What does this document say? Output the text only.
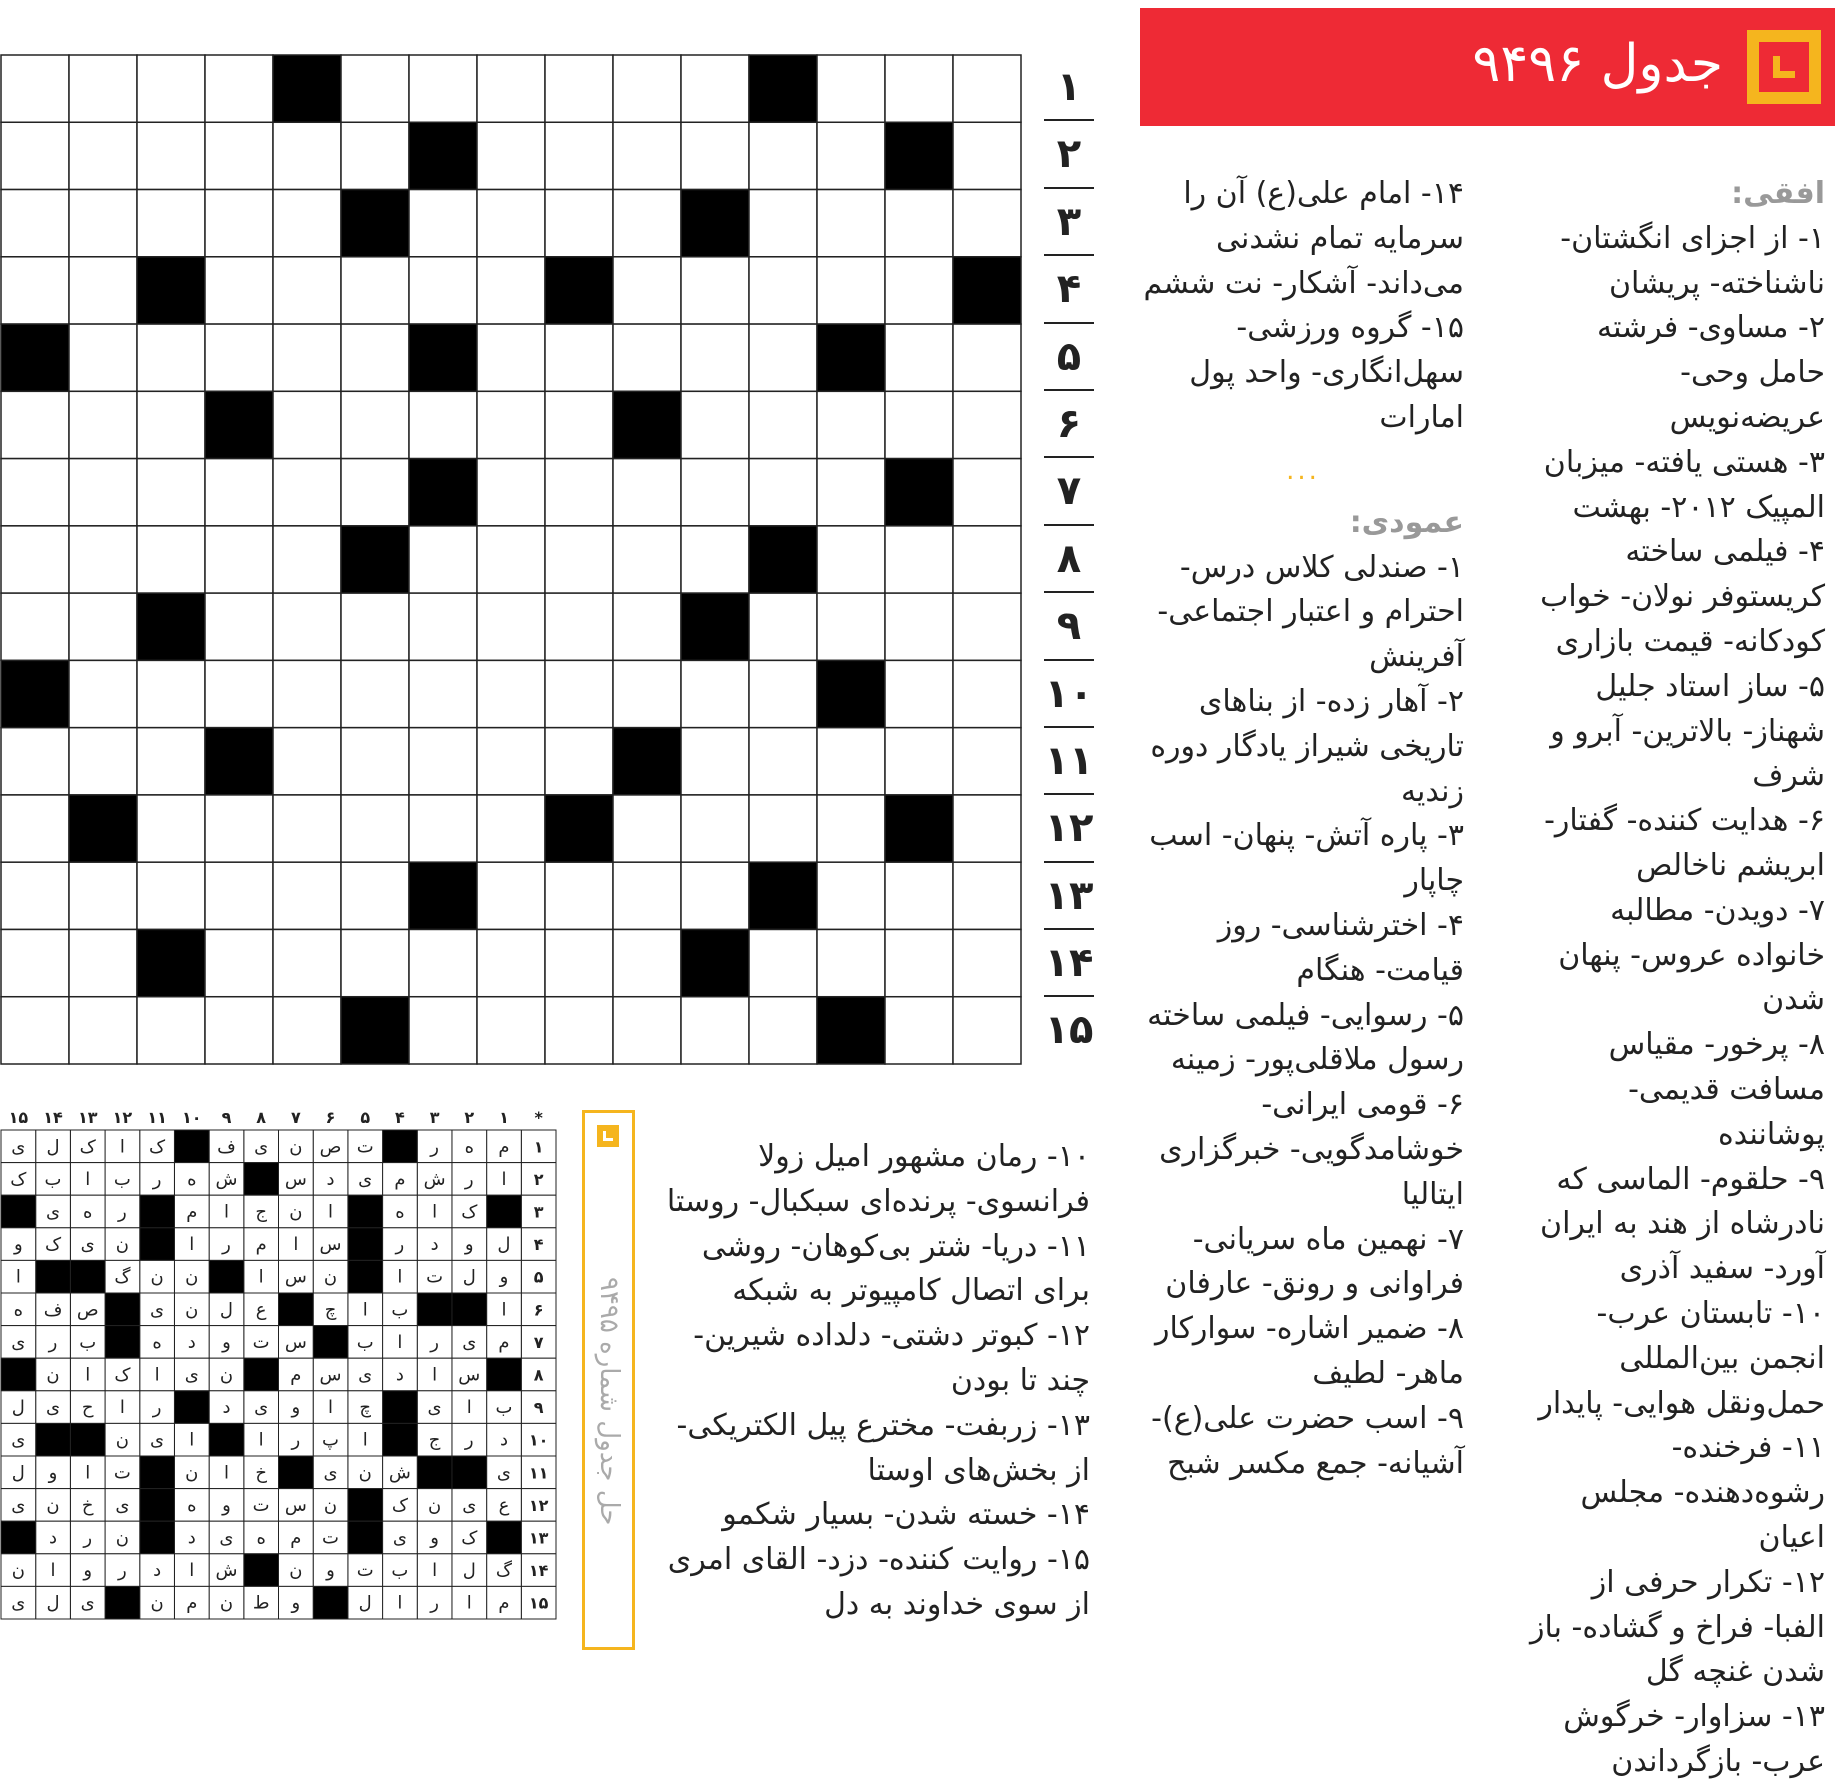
جدول ۹۴۹۶

افقی:

۱- از اجزای انگشتان- ناشناخته- پریشان

۲- مساوی- فرشته حامل وحی- عریضه‌نویس

۳- هستی یافته- میزبان المپیک ۲۰۱۲- بهشت

۴- فیلمی ساخته کریستوفر نولان- خواب کودکانه- قیمت بازاری

۵- ساز استاد جلیل شهناز- بالاترین- آبرو و شرف

۶- هدایت کننده- گفتار- ابریشم ناخالص

۷- دویدن- مطالبه خانواده عروس- پنهان شدن

۸- پرخور- مقیاس مسافت قدیمی- پوشاننده

۹- حلقوم- الماسی که نادرشاه از هند به ایران آورد- سفید آذری

۱۰- تابستان عرب- انجمن بین‌المللی حمل‌ونقل هوایی- پایدار

۱۱- فرخنده- رشوه‌دهنده- مجلس اعیان

۱۲- تکرار حرفی از الفبا- فراخ و گشاده- باز شدن غنچه گل

۱۳- سزاوار- خرگوش عرب- بازگرداندن

۱۴- امام علی(ع) آن را سرمایه تمام نشدنی می‌داند- آشکار- نت ششم

۱۵- گروه ورزشی- سهل‌انگاری- واحد پول امارات

...

عمودی:

۱- صندلی کلاس درس- احترام و اعتبار اجتماعی- آفرینش

۲- آهار زده- از بناهای تاریخی شیراز یادگار دوره زندیه

۳- پاره آتش- پنهان- اسب چاپار

۴- اخترشناسی- روز قیامت- هنگام

۵- رسوایی- فیلمی ساخته رسول ملاقلی‌پور- زمینه

۶- قومی ایرانی- خوشامدگویی- خبرگزاری ایتالیا

۷- نهمین ماه سریانی- فراوانی و رونق- عارفان

۸- ضمیر اشاره- سوارکار ماهر- لطیف

۹- اسب حضرت علی(ع)- آشیانه- جمع مکسر شبح

۱۰- رمان مشهور امیل زولا فرانسوی- پرنده‌ای سبکبال- روستا

۱۱- دریا- شتر بی‌کوهان- روشی برای اتصال کامپیوتر به شبکه

۱۲- کبوتر دشتی- دلداده شیرین- چند تا بودن

۱۳- زربفت- مخترع پیل الکتریکی- از بخش‌های اوستا

۱۴- خسته شدن- بسیار شکمو

۱۵- روایت کننده- دزد- القای امری از سوی خداوند به دل

۱
۲
۳
۴
۵
۶
۷
۸
۹
۱۰
۱۱
۱۲
۱۳
۱۴
۱۵
حل جدول شماره ۹۴۹۵
*
۱
۲
۳
۴
۵
۶
۷
۸
۹
۱۰
۱۱
۱۲
۱۳
۱۴
۱۵
۱
م
ه
ر
ت
ص
ن
ی
ف
ک
ا
ک
ل
ی
۲
ا
ر
ش
م
ی
د
س
ش
ه
ر
ب
ا
ب
ک
۳
ک
ا
ه
ا
ن
ج
ا
م
ر
ه
ی
۴
ل
و
د
ر
س
ا
م
ر
ا
ن
ی
ک
و
۵
و
ل
ت
ا
ن
س
ا
ن
ن
گ
ا
۶
ا
ب
ا
چ
ع
ل
ن
ی
ص
ف
ه
۷
م
ی
ر
ا
ب
س
ت
و
د
ه
ب
ر
ی
۸
س
ا
د
ی
س
م
ن
ی
ا
ک
ا
ن
۹
ب
ا
ی
چ
ا
و
ی
د
ر
ا
ح
ی
ل
۱۰
د
ر
ج
ا
پ
ر
ا
ا
ی
ن
ی
۱۱
ی
ش
ن
ی
خ
ا
ن
ت
ا
و
ل
۱۲
ع
ی
ن
ک
ن
س
ت
و
ه
ی
خ
ن
ی
۱۳
ک
و
ی
ت
م
ه
ی
د
ن
ر
د
۱۴
گ
ل
ا
ب
ت
و
ن
ش
ا
د
ر
و
ا
ن
۱۵
م
ا
ر
ا
ل
و
ط
ن
م
ن
ی
ل
ی
